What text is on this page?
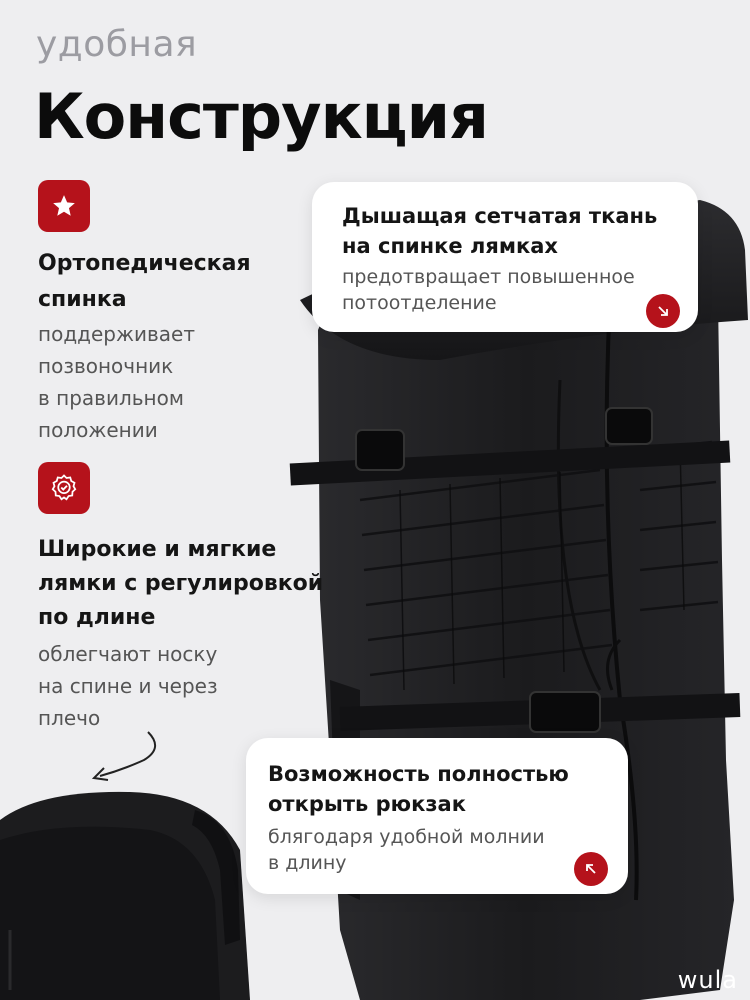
удобная
Конструкция
Ортопедическая
спинка
поддерживает
позвоночник
в правильном
положении
Широкие и мягкие
лямки с регулировкой
по длине
облегчают носку
на спине и через
плечо
Дышащая сетчатая ткань
на спинке лямках
предотвращает повышенное
потоотделение
Возможность полностью
открыть рюкзак
блягодаря удобной молнии
в длину
wula
